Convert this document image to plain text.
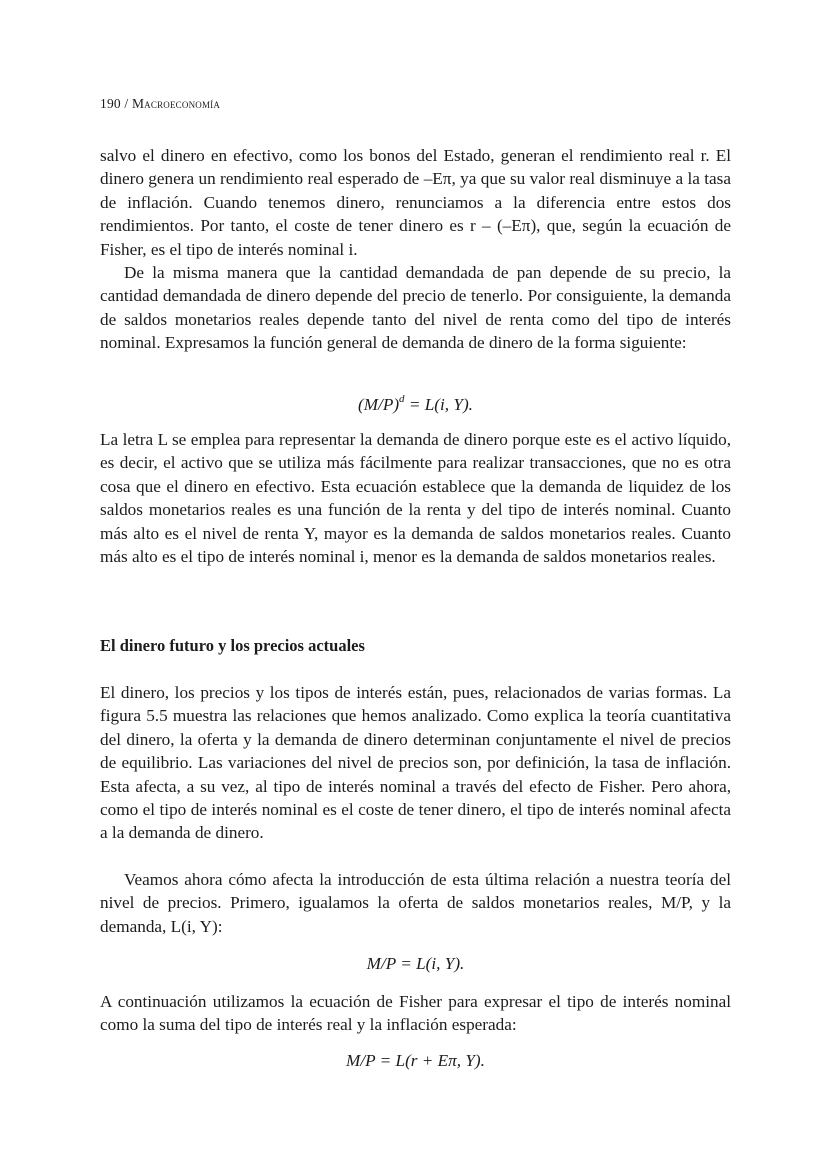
190 / Macroeconomía

salvo el dinero en efectivo, como los bonos del Estado, generan el rendimiento real r. El dinero genera un rendimiento real esperado de –Eπ, ya que su valor real disminuye a la tasa de inflación. Cuando tenemos dinero, renunciamos a la diferencia entre estos dos rendimientos. Por tanto, el coste de tener dinero es r – (–Eπ), que, según la ecuación de Fisher, es el tipo de interés nominal i.

De la misma manera que la cantidad demandada de pan depende de su precio, la cantidad demandada de dinero depende del precio de tenerlo. Por consiguiente, la demanda de saldos monetarios reales depende tanto del nivel de renta como del tipo de interés nominal. Expresamos la función general de demanda de dinero de la forma siguiente:

$(M/P)^d = L(i$, Y).

La letra L se emplea para representar la demanda de dinero porque este es el activo líquido, es decir, el activo que se utiliza más fácilmente para realizar transacciones, que no es otra cosa que el dinero en efectivo. Esta ecuación establece que la demanda de liquidez de los saldos monetarios reales es una función de la renta y del tipo de interés nominal. Cuanto más alto es el nivel de renta Y, mayor es la demanda de saldos monetarios reales. Cuanto más alto es el tipo de interés nominal i, menor es la demanda de saldos monetarios reales.

El dinero futuro y los precios actuales

El dinero, los precios y los tipos de interés están, pues, relacionados de varias formas. La figura 5.5 muestra las relaciones que hemos analizado. Como explica la teoría cuantitativa del dinero, la oferta y la demanda de dinero determinan conjuntamente el nivel de precios de equilibrio. Las variaciones del nivel de precios son, por definición, la tasa de inflación. Esta afecta, a su vez, al tipo de interés nominal a través del efecto de Fisher. Pero ahora, como el tipo de interés nominal es el coste de tener dinero, el tipo de interés nominal afecta a la demanda de dinero.

Veamos ahora cómo afecta la introducción de esta última relación a nuestra teoría del nivel de precios. Primero, igualamos la oferta de saldos monetarios reales, M/P, y la demanda, L(i, Y):

M/P = L(i, Y).

A continuación utilizamos la ecuación de Fisher para expresar el tipo de interés nominal como la suma del tipo de interés real y la inflación esperada:

M/P = L(r + Eπ, Y).
